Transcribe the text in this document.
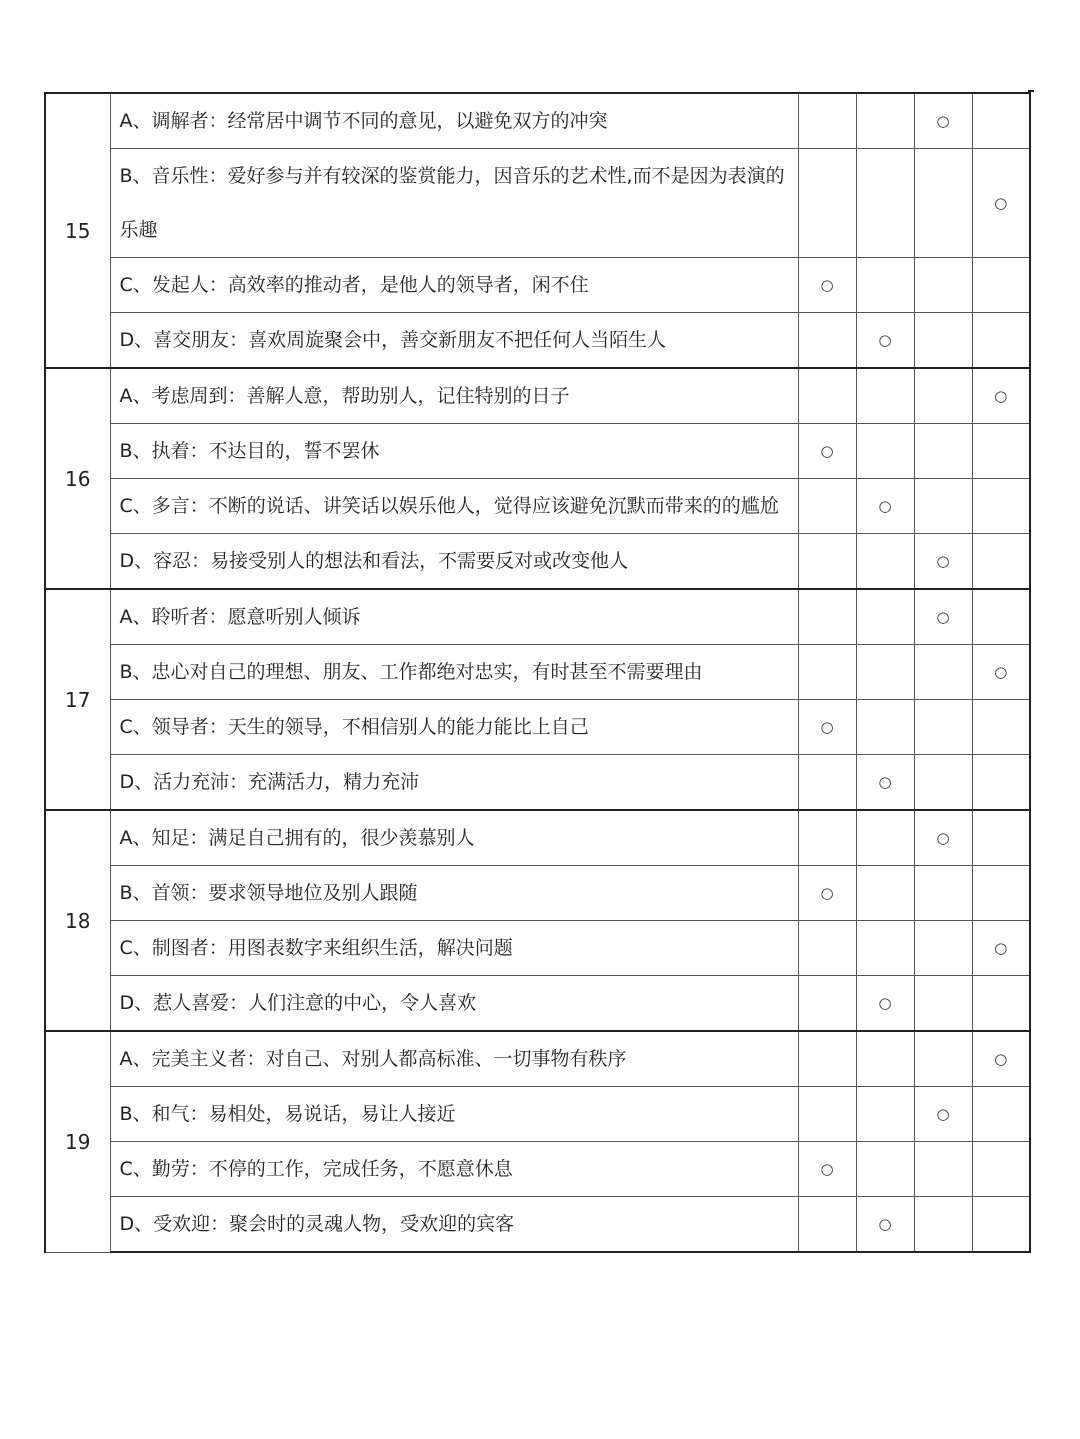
15	A、调解者：经常居中调节不同的意见，以避免双方的冲突			○	
	B、音乐性：爱好参与并有较深的鉴赏能力，因音乐的艺术性,而不是因为表演的乐趣				○
	C、发起人：高效率的推动者，是他人的领导者，闲不住	○			
	D、喜交朋友：喜欢周旋聚会中，善交新朋友不把任何人当陌生人		○		
16	A、考虑周到：善解人意，帮助别人，记住特别的日子				○
	B、执着：不达目的，誓不罢休	○			
	C、多言：不断的说话、讲笑话以娱乐他人，觉得应该避免沉默而带来的的尴尬		○		
	D、容忍：易接受别人的想法和看法，不需要反对或改变他人			○	
17	A、聆听者：愿意听别人倾诉			○	
	B、忠心对自己的理想、朋友、工作都绝对忠实，有时甚至不需要理由				○
	C、领导者：天生的领导，不相信别人的能力能比上自己	○			
	D、活力充沛：充满活力，精力充沛		○		
18	A、知足：满足自己拥有的，很少羡慕别人			○	
	B、首领：要求领导地位及别人跟随	○			
	C、制图者：用图表数字来组织生活，解决问题				○
	D、惹人喜爱：人们注意的中心，令人喜欢		○		
19	A、完美主义者：对自己、对别人都高标准、一切事物有秩序				○
	B、和气：易相处，易说话，易让人接近			○	
	C、勤劳：不停的工作，完成任务，不愿意休息	○			
	D、受欢迎：聚会时的灵魂人物，受欢迎的宾客		○		
